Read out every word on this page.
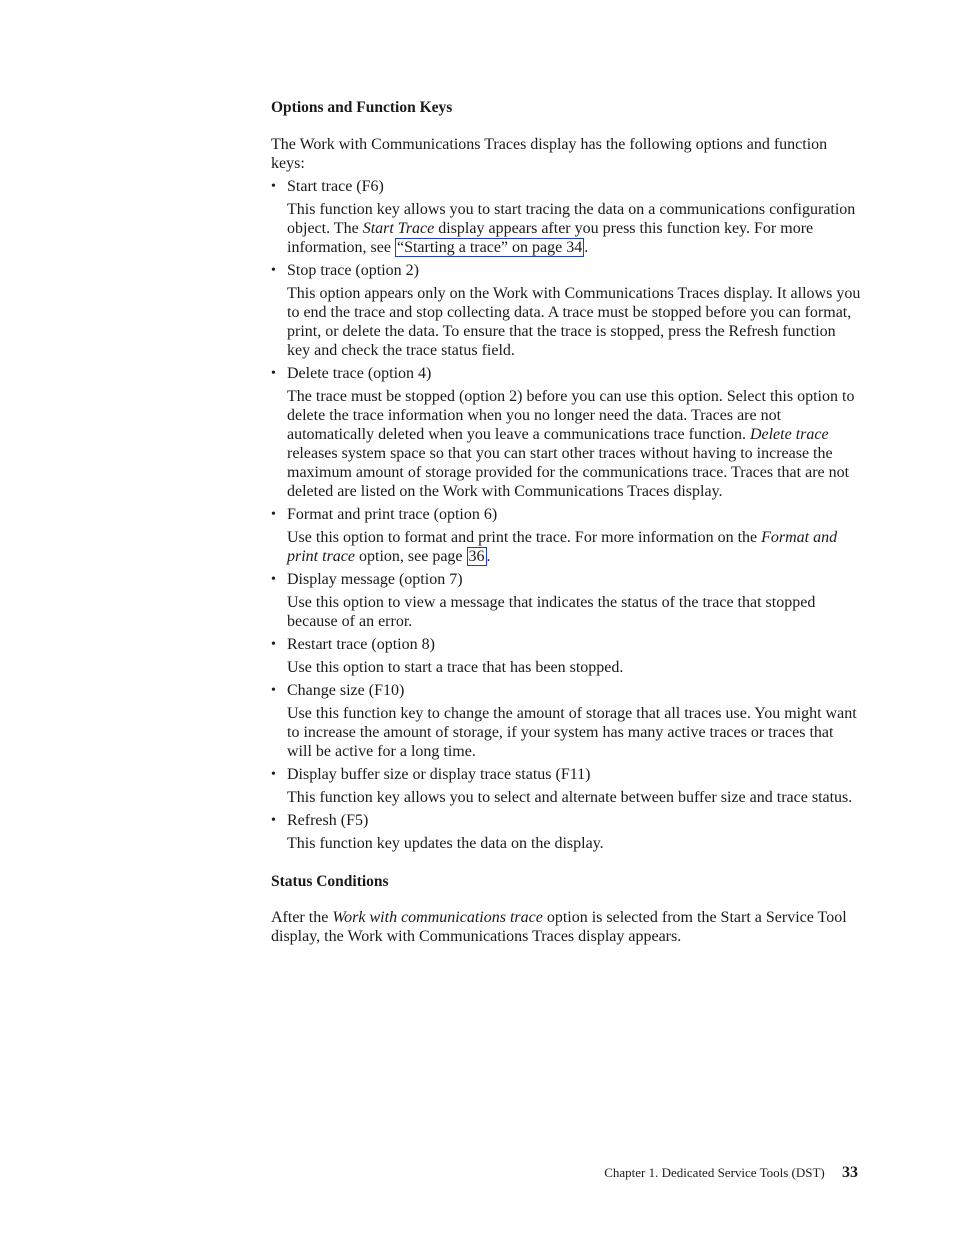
Options and Function Keys

The Work with Communications Traces display has the following options and function keys:

• Start trace (F6)
This function key allows you to start tracing the data on a communications configuration object. The Start Trace display appears after you press this function key. For more information, see “Starting a trace” on page 34 .
• Stop trace (option 2)
This option appears only on the Work with Communications Traces display. It allows you to end the trace and stop collecting data. A trace must be stopped before you can format, print, or delete the data. To ensure that the trace is stopped, press the Refresh function key and check the trace status field.
• Delete trace (option 4)
The trace must be stopped (option 2) before you can use this option. Select this option to delete the trace information when you no longer need the data. Traces are not automatically deleted when you leave a communications trace function. Delete trace releases system space so that you can start other traces without having to increase the maximum amount of storage provided for the communications trace. Traces that are not deleted are listed on the Work with Communications Traces display.
• Format and print trace (option 6)
Use this option to format and print the trace. For more information on the Format and print trace option, see page 36 .
• Display message (option 7)
Use this option to view a message that indicates the status of the trace that stopped because of an error.
• Restart trace (option 8)
Use this option to start a trace that has been stopped.
• Change size (F10)
Use this function key to change the amount of storage that all traces use. You might want to increase the amount of storage, if your system has many active traces or traces that will be active for a long time.
• Display buffer size or display trace status (F11)
This function key allows you to select and alternate between buffer size and trace status.
• Refresh (F5)
This function key updates the data on the display.

Status Conditions

After the Work with communications trace option is selected from the Start a Service Tool display, the Work with Communications Traces display appears.

Chapter 1. Dedicated Service Tools (DST) 33
